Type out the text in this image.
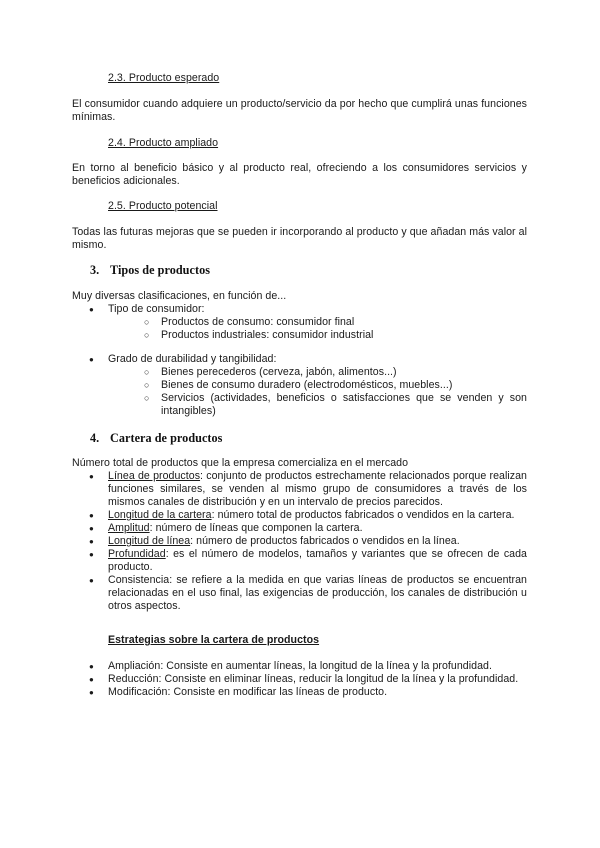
2.3. Producto esperado

El consumidor cuando adquiere un producto/servicio da por hecho que cumplirá unas funciones mínimas.

2.4. Producto ampliado

En torno al beneficio básico y al producto real, ofreciendo a los consumidores servicios y beneficios adicionales.

2.5. Producto potencial

Todas las futuras mejoras que se pueden ir incorporando al producto y que añadan más valor al mismo.

3. Tipos de productos
Muy diversas clasificaciones, en función de...
● Tipo de consumidor:
○ Productos de consumo: consumidor final
○ Productos industriales: consumidor industrial
● Grado de durabilidad y tangibilidad:
○ Bienes perecederos (cerveza, jabón, alimentos...)
○ Bienes de consumo duradero (electrodomésticos, muebles...)
○ Servicios (actividades, beneficios o satisfacciones que se venden y son intangibles)
4. Cartera de productos
Número total de productos que la empresa comercializa en el mercado
● Línea de productos: conjunto de productos estrechamente relacionados porque realizan funciones similares, se venden al mismo grupo de consumidores a través de los mismos canales de distribución y en un intervalo de precios parecidos.
● Longitud de la cartera: número total de productos fabricados o vendidos en la cartera.
● Amplitud: número de líneas que componen la cartera.
● Longitud de línea: número de productos fabricados o vendidos en la línea.
● Profundidad: es el número de modelos, tamaños y variantes que se ofrecen de cada producto.
● Consistencia: se refiere a la medida en que varias líneas de productos se encuentran relacionadas en el uso final, las exigencias de producción, los canales de distribución u otros aspectos.
Estrategias sobre la cartera de productos
● Ampliación: Consiste en aumentar líneas, la longitud de la línea y la profundidad.
● Reducción: Consiste en eliminar líneas, reducir la longitud de la línea y la profundidad.
● Modificación: Consiste en modificar las líneas de producto.
